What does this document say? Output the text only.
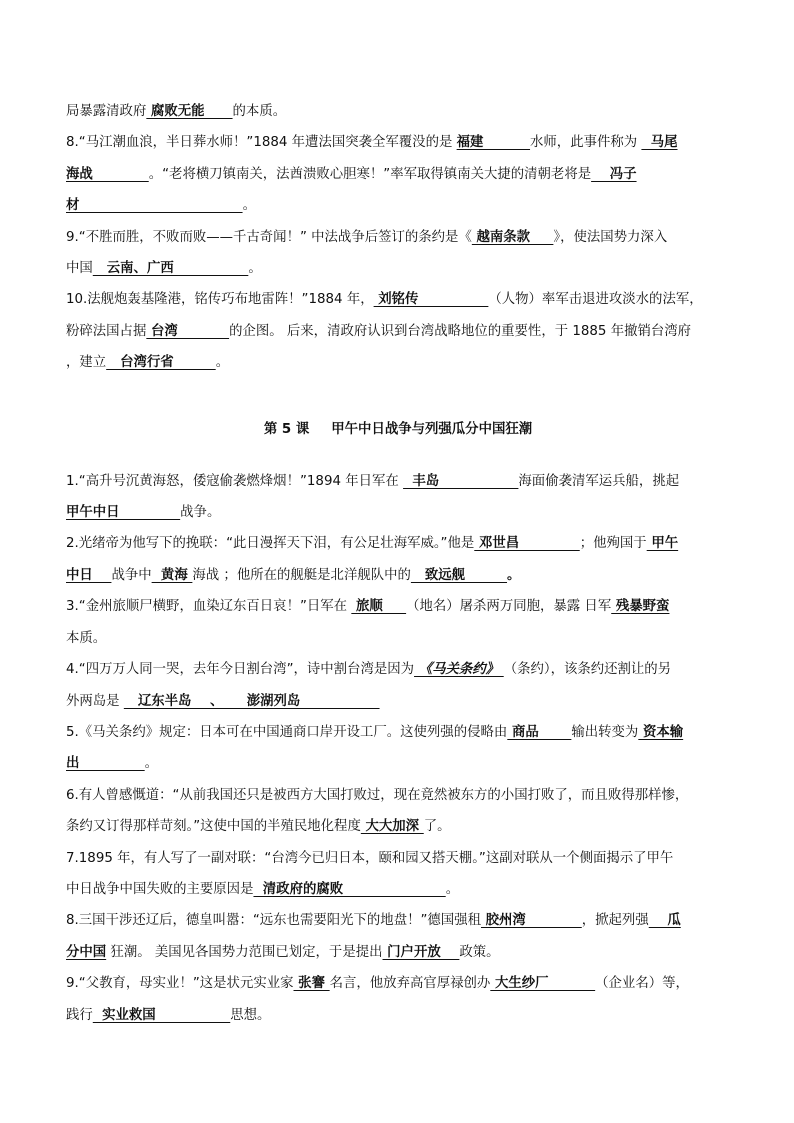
局暴露清政府 腐败无能      的本质。

8.“马江潮血浪，半日葬水师！”1884 年遭法国突袭全军覆没的是 福建          水师，此事件称为   马尾

海战            。“老将横刀镇南关，法酋溃败心胆寒！”率军取得镇南关大捷的清朝老将是    冯子

材                                   。

9.“不胜而胜，不败而败——千古奇闻！” 中法战争后签订的条约是《 越南条款     》，使法国势力深入

中国   云南、广西                。

10.法舰炮轰基隆港，铭传巧布地雷阵！”1884 年， 刘铭传               （人物）率军击退进攻淡水的法军，

粉碎法国占据 台湾           的企图。 后来，清政府认识到台湾战略地位的重要性，于 1885 年撤销台湾府

，建立   台湾行省         。

第 5 课 甲午中日战争与列强瓜分中国狂潮

1.“高升号沉黄海怒，倭寇偷袭燃烽烟！”1894 年日军在   丰岛                 海面偷袭清军运兵船，挑起

甲午中日             战争。

2.光绪帝为他写下的挽联：“此日漫挥天下泪，有公足壮海军威。”他是 邓世昌             ；他殉国于 甲午

中日    战争中  黄海 海战 ；他所在的舰艇是北洋舰队中的   致远舰         。

3.“金州旅顺尸横野，血染辽东百日哀！”日军在  旅顺     （地名）屠杀两万同胞，暴露 日军 残暴野蛮

本质。

4.“四万万人同一哭，去年今日割台湾”，诗中割台湾是因为 《马关条约》 （条约），该条约还割让的另

外两岛是    辽东半岛    、     澎湖列岛

5.《马关条约》规定：日本可在中国通商口岸开设工厂。这使列强的侵略由 商品       输出转变为 资本输

出              。

6.有人曾感慨道：“从前我国还只是被西方大国打败过，现在竟然被东方的小国打败了，而且败得那样惨，

条约又订得那样苛刻。”这使中国的半殖民地化程度 大大加深 了。

7.1895 年，有人写了一副对联：“台湾今已归日本，颐和园又搭天棚。”这副对联从一个侧面揭示了甲午

中日战争中国失败的主要原因是  清政府的腐败                      。

8.三国干涉还辽后，德皇叫嚣：“远东也需要阳光下的地盘！”德国强租 胶州湾            ，掀起列强    瓜

分中国 狂潮。 美国见各国势力范围已划定，于是提出 门户开放    政策。

9.“父教育，母实业！”这是状元实业家 张謇 名言，他放弃高官厚禄创办 大生纱厂          （企业名）等，

践行  实业救国                思想。
